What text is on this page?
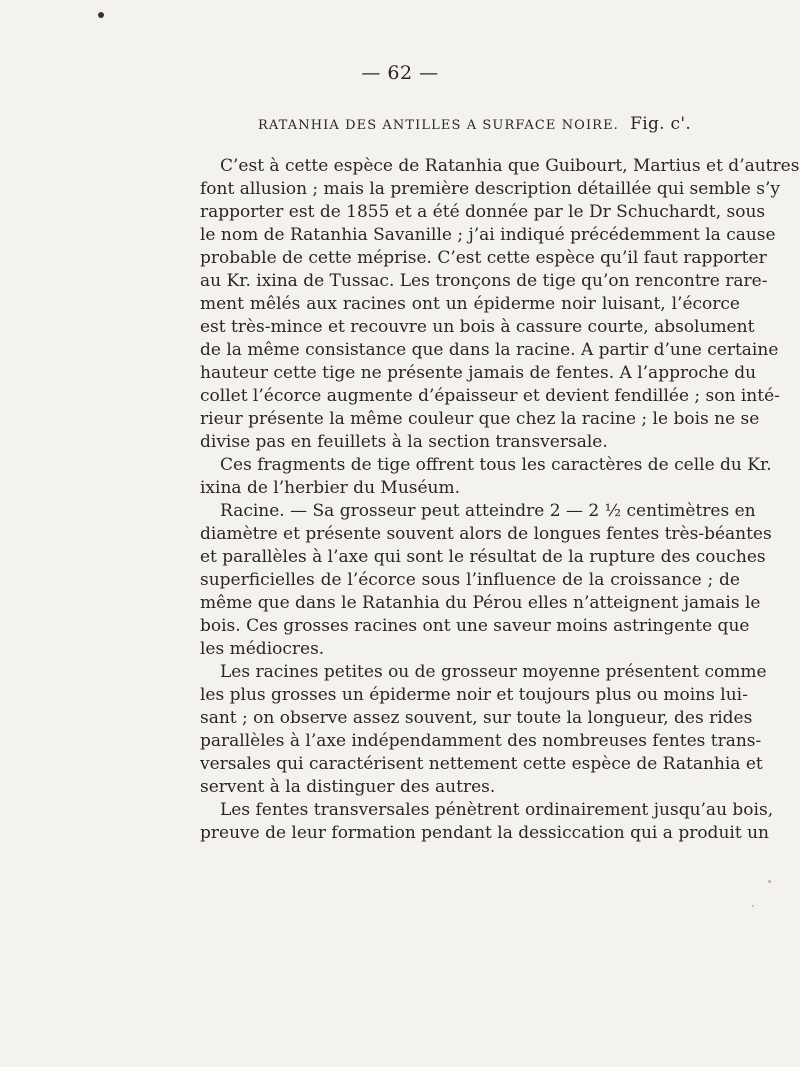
— 62 —
RATANHIA DES ANTILLES A SURFACE NOIRE. Fig. c'.
C’est à cette espèce de Ratanhia que Guibourt, Martius et d’autres
font allusion ; mais la première description détaillée qui semble s’y
rapporter est de 1855 et a été donnée par le Dr Schuchardt, sous
le nom de Ratanhia Savanille ; j’ai indiqué précédemment la cause
probable de cette méprise. C’est cette espèce qu’il faut rapporter
au Kr. ixina de Tussac. Les tronçons de tige qu’on rencontre rare-
ment mêlés aux racines ont un épiderme noir luisant, l’écorce
est très-mince et recouvre un bois à cassure courte, absolument
de la même consistance que dans la racine. A partir d’une certaine
hauteur cette tige ne présente jamais de fentes. A l’approche du
collet l’écorce augmente d’épaisseur et devient fendillée ; son inté-
rieur présente la même couleur que chez la racine ; le bois ne se
divise pas en feuillets à la section transversale.
Ces fragments de tige offrent tous les caractères de celle du Kr.
ixina de l’herbier du Muséum.
Racine. — Sa grosseur peut atteindre 2 — 2 ½ centimètres en
diamètre et présente souvent alors de longues fentes très-béantes
et parallèles à l’axe qui sont le résultat de la rupture des couches
superficielles de l’écorce sous l’influence de la croissance ; de
même que dans le Ratanhia du Pérou elles n’atteignent jamais le
bois. Ces grosses racines ont une saveur moins astringente que
les médiocres.
Les racines petites ou de grosseur moyenne présentent comme
les plus grosses un épiderme noir et toujours plus ou moins lui-
sant ; on observe assez souvent, sur toute la longueur, des rides
parallèles à l’axe indépendamment des nombreuses fentes trans-
versales qui caractérisent nettement cette espèce de Ratanhia et
servent à la distinguer des autres.
Les fentes transversales pénètrent ordinairement jusqu’au bois,
preuve de leur formation pendant la dessiccation qui a produit un
